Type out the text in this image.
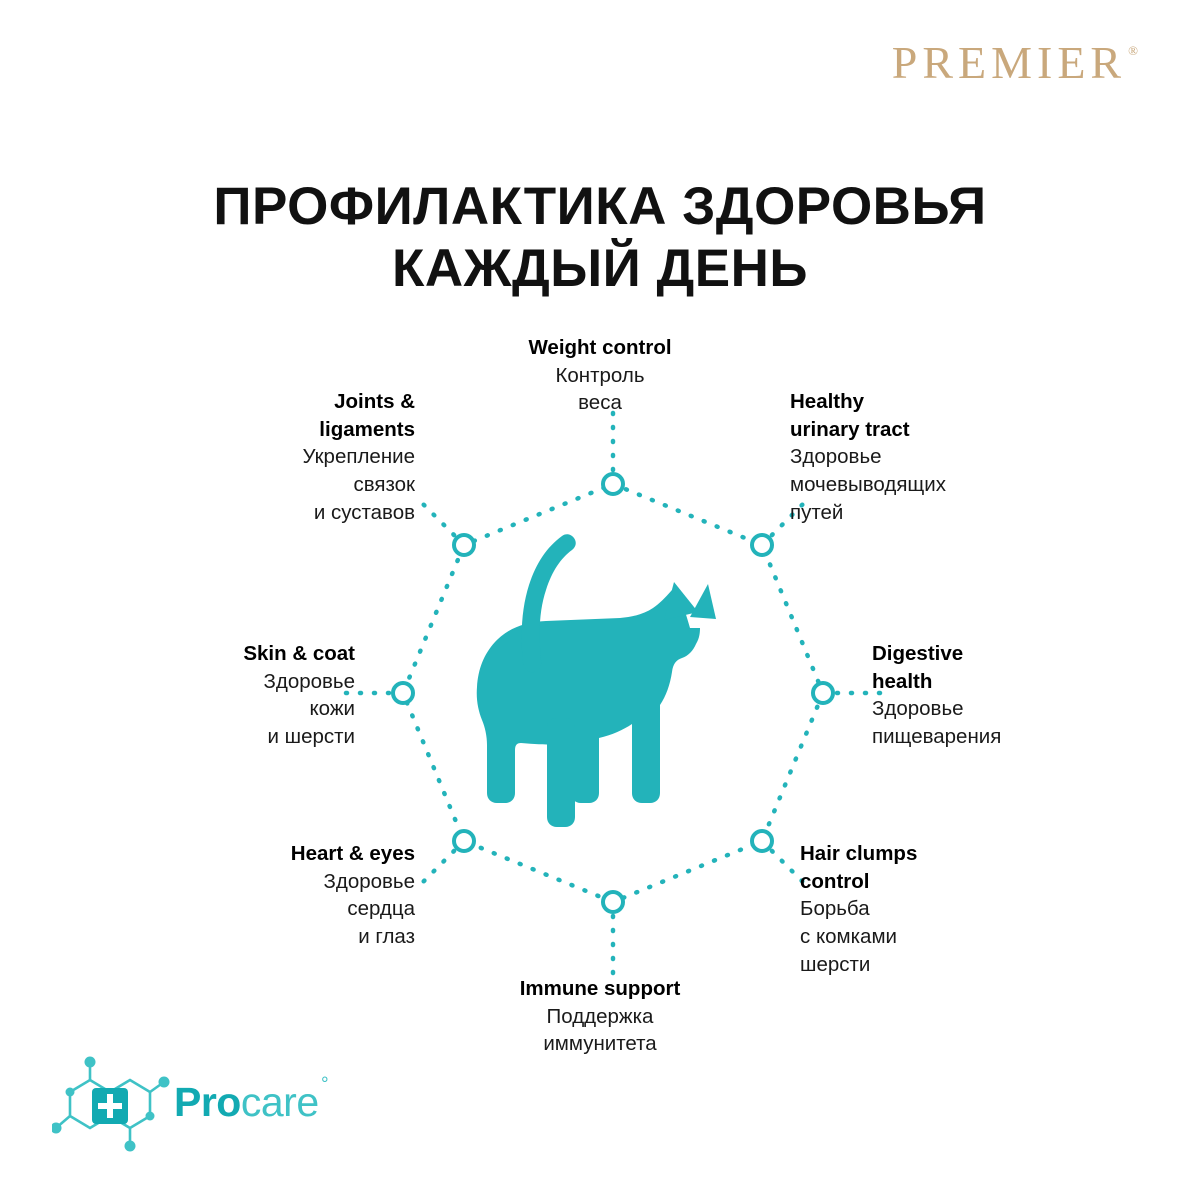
PREMIER ®
ПРОФИЛАКТИКА ЗДОРОВЬЯ
КАЖДЫЙ ДЕНЬ
Weight control
Контроль
веса	Healthy
urinary tract
Здоровье
мочевыводящих
путей
Digestive
health
Здоровье
пищеварения
Hair clumps
control
Борьба
с комками
шерсти
Immune support
Поддержка
иммунитета
Heart & eyes
Здоровье
сердца
и глаз
Skin & coat
Здоровье
кожи
и шерсти
Joints &
ligaments
Укрепление
связок
и суставов
Procare °
